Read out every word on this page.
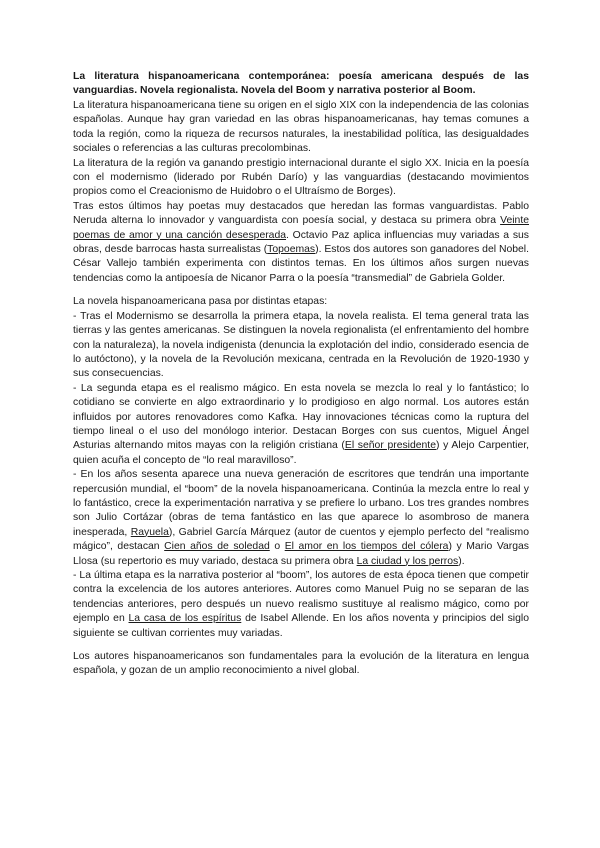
La literatura hispanoamericana contemporánea: poesía americana después de las vanguardias. Novela regionalista. Novela del Boom y narrativa posterior al Boom.

La literatura hispanoamericana tiene su origen en el siglo XIX con la independencia de las colonias españolas. Aunque hay gran variedad en las obras hispanoamericanas, hay temas comunes a toda la región, como la riqueza de recursos naturales, la inestabilidad política, las desigualdades sociales o referencias a las culturas precolombinas.

La literatura de la región va ganando prestigio internacional durante el siglo XX. Inicia en la poesía con el modernismo (liderado por Rubén Darío) y las vanguardias (destacando movimientos propios como el Creacionismo de Huidobro o el Ultraísmo de Borges).

Tras estos últimos hay poetas muy destacados que heredan las formas vanguardistas. Pablo Neruda alterna lo innovador y vanguardista con poesía social, y destaca su primera obra Veinte poemas de amor y una canción desesperada. Octavio Paz aplica influencias muy variadas a sus obras, desde barrocas hasta surrealistas (Topoemas). Estos dos autores son ganadores del Nobel. César Vallejo también experimenta con distintos temas. En los últimos años surgen nuevas tendencias como la antipoesía de Nicanor Parra o la poesía “transmedial” de Gabriela Golder.

La novela hispanoamericana pasa por distintas etapas:

- Tras el Modernismo se desarrolla la primera etapa, la novela realista. El tema general trata las tierras y las gentes americanas. Se distinguen la novela regionalista (el enfrentamiento del hombre con la naturaleza), la novela indigenista (denuncia la explotación del indio, considerado esencia de lo autóctono), y la novela de la Revolución mexicana, centrada en la Revolución de 1920-1930 y sus consecuencias.

- La segunda etapa es el realismo mágico. En esta novela se mezcla lo real y lo fantástico; lo cotidiano se convierte en algo extraordinario y lo prodigioso en algo normal. Los autores están influidos por autores renovadores como Kafka. Hay innovaciones técnicas como la ruptura del tiempo lineal o el uso del monólogo interior. Destacan Borges con sus cuentos, Miguel Ángel Asturias alternando mitos mayas con la religión cristiana (El señor presidente) y Alejo Carpentier, quien acuña el concepto de “lo real maravilloso”.

- En los años sesenta aparece una nueva generación de escritores que tendrán una importante repercusión mundial, el “boom” de la novela hispanoamericana. Continúa la mezcla entre lo real y lo fantástico, crece la experimentación narrativa y se prefiere lo urbano. Los tres grandes nombres son Julio Cortázar (obras de tema fantástico en las que aparece lo asombroso de manera inesperada, Rayuela), Gabriel García Márquez (autor de cuentos y ejemplo perfecto del “realismo mágico”, destacan Cien años de soledad o El amor en los tiempos del cólera) y Mario Vargas Llosa (su repertorio es muy variado, destaca su primera obra La ciudad y los perros).

- La última etapa es la narrativa posterior al “boom”, los autores de esta época tienen que competir contra la excelencia de los autores anteriores. Autores como Manuel Puig no se separan de las tendencias anteriores, pero después un nuevo realismo sustituye al realismo mágico, como por ejemplo en La casa de los espíritus de Isabel Allende. En los años noventa y principios del siglo siguiente se cultivan corrientes muy variadas.

Los autores hispanoamericanos son fundamentales para la evolución de la literatura en lengua española, y gozan de un amplio reconocimiento a nivel global.
